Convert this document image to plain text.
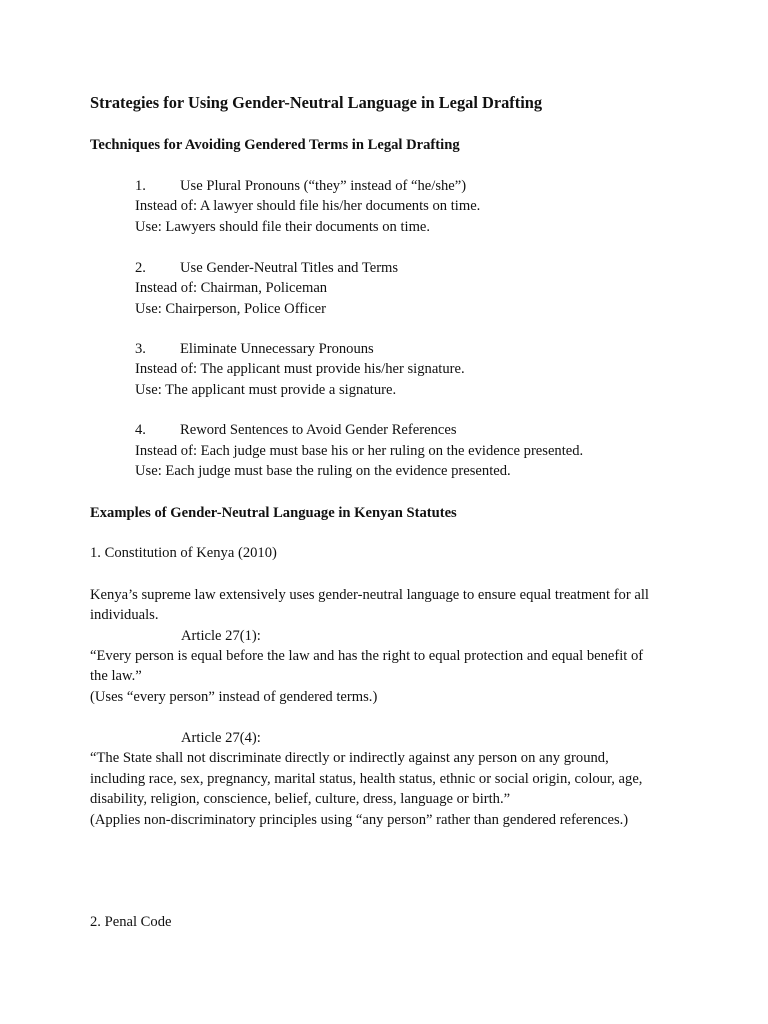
Strategies for Using Gender-Neutral Language in Legal Drafting
Techniques for Avoiding Gendered Terms in Legal Drafting
1. Use Plural Pronouns (“they” instead of “he/she”)
Instead of: A lawyer should file his/her documents on time.
Use: Lawyers should file their documents on time.
2. Use Gender-Neutral Titles and Terms
Instead of: Chairman, Policeman
Use: Chairperson, Police Officer
3. Eliminate Unnecessary Pronouns
Instead of: The applicant must provide his/her signature.
Use: The applicant must provide a signature.
4. Reword Sentences to Avoid Gender References
Instead of: Each judge must base his or her ruling on the evidence presented.
Use: Each judge must base the ruling on the evidence presented.
Examples of Gender-Neutral Language in Kenyan Statutes
1. Constitution of Kenya (2010)
Kenya’s supreme law extensively uses gender-neutral language to ensure equal treatment for all
individuals.
Article 27(1):
“Every person is equal before the law and has the right to equal protection and equal benefit of
the law.”
(Uses “every person” instead of gendered terms.)
Article 27(4):
“The State shall not discriminate directly or indirectly against any person on any ground,
including race, sex, pregnancy, marital status, health status, ethnic or social origin, colour, age,
disability, religion, conscience, belief, culture, dress, language or birth.”
(Applies non-discriminatory principles using “any person” rather than gendered references.)
2. Penal Code
